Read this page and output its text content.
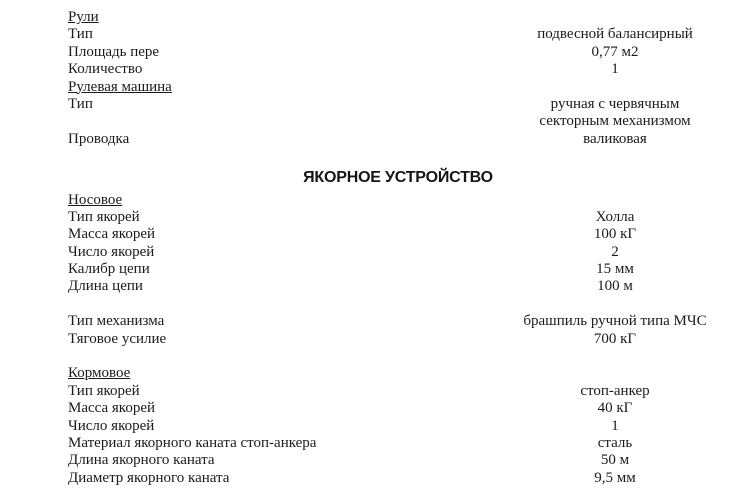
Рули
Тип	подвесной балансирный
Площадь пере	0,77 м2
Количество	1
Рулевая машина
Тип	ручная с червячным
секторным механизмом
Проводка	валиковая
ЯКОРНОЕ УСТРОЙСТВО
Носовое
Тип якорей	Холла
Масса якорей	100 кГ
Число якорей	2
Калибр цепи	15 мм
Длина цепи	100 м
Тип механизма	брашпиль ручной типа МЧС
Тяговое усилие	700 кГ
Кормовое
Тип якорей	стоп-анкер
Масса якорей	40 кГ
Число якорей	1
Материал якорного каната стоп-анкера	сталь
Длина якорного каната	50 м
Диаметр якорного каната	9,5 мм
